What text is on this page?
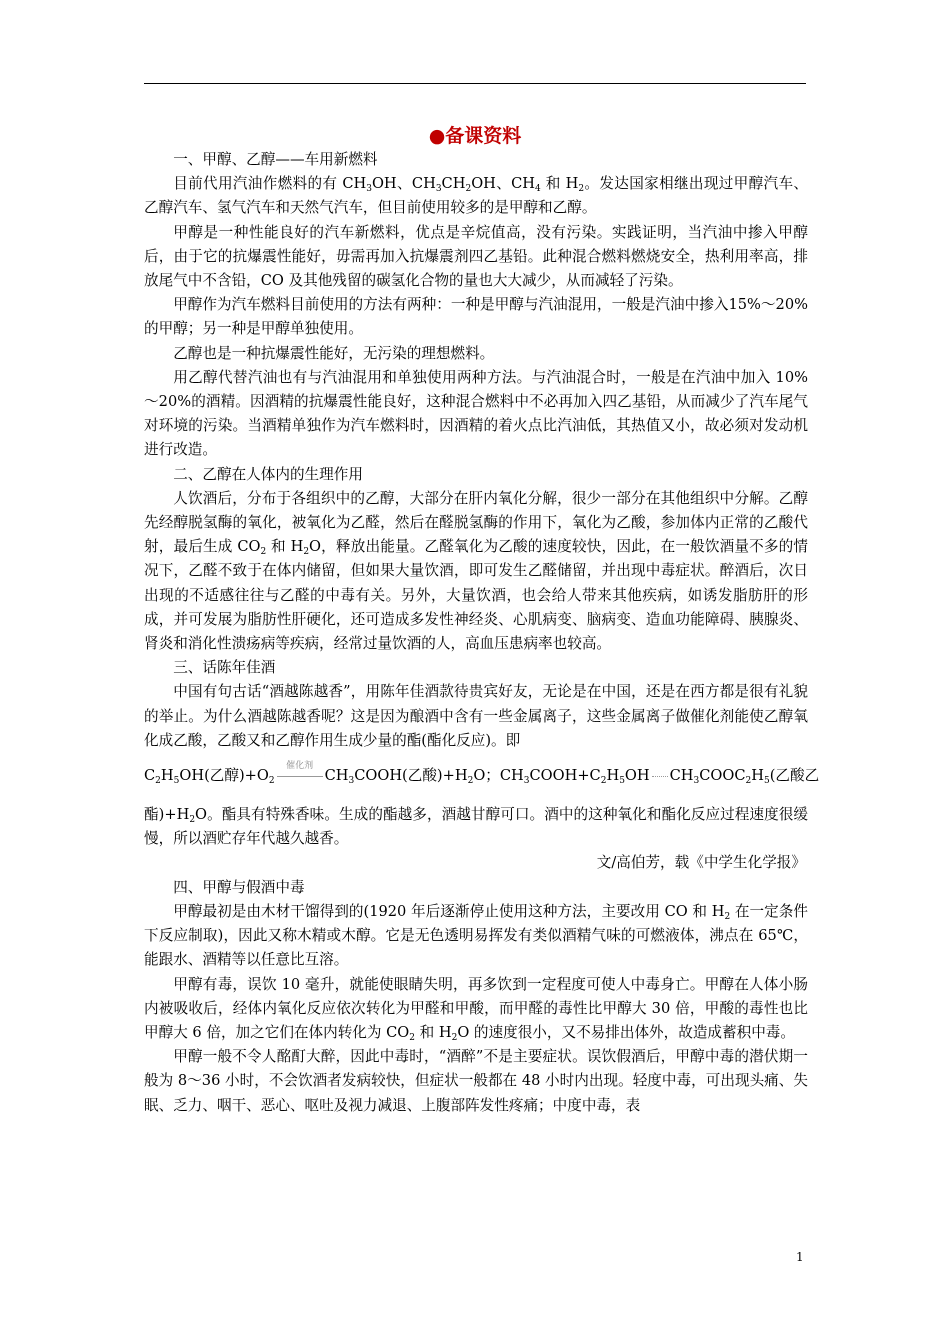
●备课资料

一、甲醇、乙醇——车用新燃料

目前代用汽油作燃料的有 $CH_3OH$、$CH_3CH_2OH$、$CH_4$ 和 $H_2$。发达国家相继出现过甲醇汽车、乙醇汽车、氢气汽车和天然气汽车，但目前使用较多的是甲醇和乙醇。

甲醇是一种性能良好的汽车新燃料，优点是辛烷值高，没有污染。实践证明，当汽油中掺入甲醇后，由于它的抗爆震性能好，毋需再加入抗爆震剂四乙基铅。此种混合燃料燃烧安全，热利用率高，排放尾气中不含铅，CO 及其他残留的碳氢化合物的量也大大减少，从而减轻了污染。

甲醇作为汽车燃料目前使用的方法有两种：一种是甲醇与汽油混用，一般是汽油中掺入15%～20%的甲醇；另一种是甲醇单独使用。

乙醇也是一种抗爆震性能好，无污染的理想燃料。

用乙醇代替汽油也有与汽油混用和单独使用两种方法。与汽油混合时，一般是在汽油中加入 10%～20%的酒精。因酒精的抗爆震性能良好，这种混合燃料中不必再加入四乙基铅，从而减少了汽车尾气对环境的污染。当酒精单独作为汽车燃料时，因酒精的着火点比汽油低，其热值又小，故必须对发动机进行改造。

二、乙醇在人体内的生理作用

人饮酒后，分布于各组织中的乙醇，大部分在肝内氧化分解，很少一部分在其他组织中分解。乙醇先经醇脱氢酶的氧化，被氧化为乙醛，然后在醛脱氢酶的作用下，氧化为乙酸，参加体内正常的乙酸代射，最后生成 $CO_2$ 和 $H_2O$，释放出能量。乙醛氧化为乙酸的速度较快，因此，在一般饮酒量不多的情况下，乙醛不致于在体内储留，但如果大量饮酒，即可发生乙醛储留，并出现中毒症状。醉酒后，次日出现的不适感往往与乙醛的中毒有关。另外，大量饮酒，也会给人带来其他疾病，如诱发脂肪肝的形成，并可发展为脂肪性肝硬化，还可造成多发性神经炎、心肌病变、脑病变、造血功能障碍、胰腺炎、肾炎和消化性溃疡病等疾病，经常过量饮酒的人，高血压患病率也较高。

三、话陈年佳酒

中国有句古话“酒越陈越香”，用陈年佳酒款待贵宾好友，无论是在中国，还是在西方都是很有礼貌的举止。为什么酒越陈越香呢？这是因为酿酒中含有一些金属离子，这些金属离子做催化剂能使乙醇氧化成乙酸，乙酸又和乙醇作用生成少量的酯(酯化反应)。即

$C_2H_5OH$(乙醇)$+O_2$
催化剂
$CH_3COOH$(乙酸)$+H_2O$；$CH_3COOH+C_2H_5OH$ $CH_3COOC_2H_5$(乙酸乙

酯)$+H_2O$。酯具有特殊香味。生成的酯越多，酒越甘醇可口。酒中的这种氧化和酯化反应过程速度很缓慢，所以酒贮存年代越久越香。

文/高伯芳，载《中学生化学报》

四、甲醇与假酒中毒

甲醇最初是由木材干馏得到的(1920 年后逐渐停止使用这种方法，主要改用 CO 和 $H_2$ 在一定条件下反应制取)，因此又称木精或木醇。它是无色透明易挥发有类似酒精气味的可燃液体，沸点在 65℃，能跟水、酒精等以任意比互溶。

甲醇有毒，误饮 10 毫升，就能使眼睛失明，再多饮到一定程度可使人中毒身亡。甲醇在人体小肠内被吸收后，经体内氧化反应依次转化为甲醛和甲酸，而甲醛的毒性比甲醇大 30 倍，甲酸的毒性也比甲醇大 6 倍，加之它们在体内转化为 $CO_2$ 和 $H_2O$ 的速度很小，又不易排出体外，故造成蓄积中毒。

甲醇一般不令人酩酊大醉，因此中毒时，“酒醉”不是主要症状。误饮假酒后，甲醇中毒的潜伏期一般为 8～36 小时，不会饮酒者发病较快，但症状一般都在 48 小时内出现。轻度中毒，可出现头痛、失眠、乏力、咽干、恶心、呕吐及视力减退、上腹部阵发性疼痛；中度中毒，表

1
